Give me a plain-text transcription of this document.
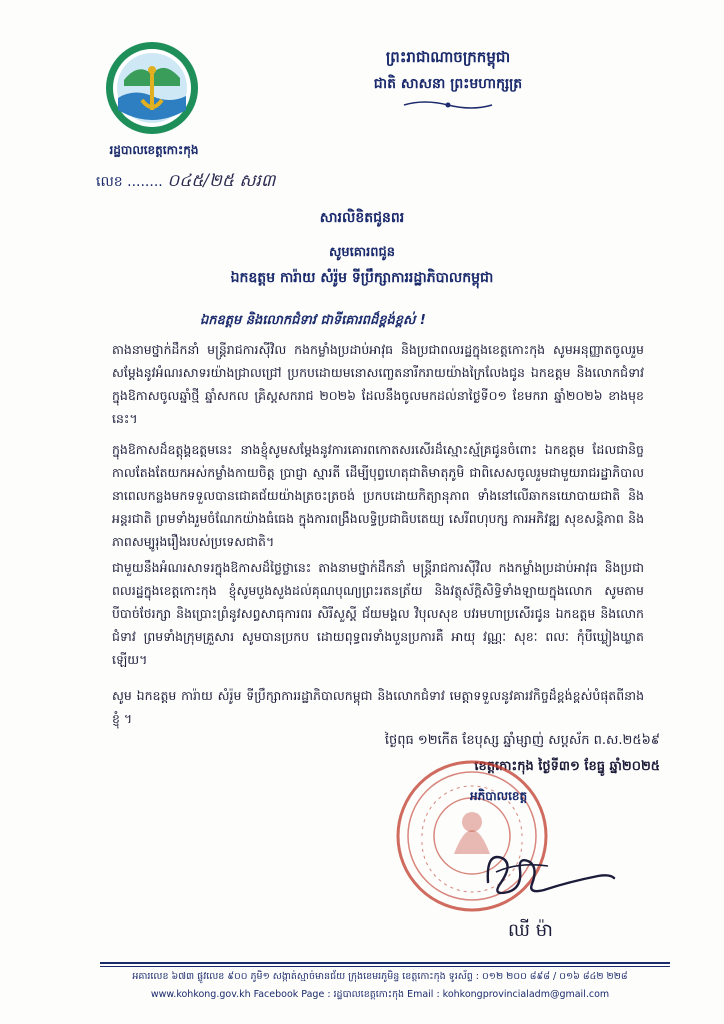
រដ្ឋបាលខេត្តកោះកុង
លេខ ........ ០៤៥/២៥ សរ៣
ព្រះរាជាណាចក្រកម្ពុជា
ជាតិ សាសនា ព្រះមហាក្សត្រ
សារលិខិតជូនពរ
សូមគោរពជូន
ឯកឧត្តម ការ៉ាយ សំរ៉ូម ទីប្រឹក្សាការរដ្ឋាភិបាលកម្ពុជា
ឯកឧត្តម និងលោកជំទាវ ជាទីគោរពដ៏ខ្ពង់ខ្ពស់ !

តាងនាមថ្នាក់ដឹកនាំ មន្ត្រីរាជការស៊ីវិល កងកម្លាំងប្រដាប់អាវុធ និងប្រជាពលរដ្ឋក្នុងខេត្តកោះកុង សូមអនុញ្ញាតចូលរួមសម្តែងនូវអំណរសាទរយ៉ាងជ្រាលជ្រៅ ប្រកបដោយមនោសញ្ចេតនារីករាយយ៉ាងក្រៃលែងជូន ឯកឧត្តម និងលោកជំទាវ ក្នុងឱកាសចូលឆ្នាំថ្មី ឆ្នាំសកល គ្រិស្តសករាជ ២០២៦ ដែលនឹងចូលមកដល់នាថ្ងៃទី០១ ខែមករា ឆ្នាំ២០២៦ ខាងមុខនេះ។

ក្នុងឱកាសដ៏ឧត្តុង្គឧត្តមនេះ នាងខ្ញុំសូមសម្តែងនូវការគោរពកោតសរសើរដ៏ស្មោះស្ម័គ្រជូនចំពោះ ឯកឧត្តម ដែលជានិច្ចកាលតែងតែយកអស់កម្លាំងកាយចិត្ត ប្រាជ្ញា ស្មារតី ដើម្បីបុព្វហេតុជាតិមាតុភូមិ ជាពិសេសចូលរួមជាមួយរាជរដ្ឋាភិបាល នាពេលកន្លងមកទទួលបានជោគជ័យយ៉ាងត្រចះត្រចង់ ប្រកបដោយកិត្យានុភាព ទាំងនៅលើឆាកនយោបាយជាតិ និងអន្តរជាតិ ព្រមទាំងរួមចំណែកយ៉ាងធំធេង ក្នុងការពង្រឹងលទ្ធិប្រជាធិបតេយ្យ សេរីពហុបក្ស ការអភិវឌ្ឍ សុខសន្តិភាព និងភាពសម្បូរុងរឿងរបស់ប្រទេសជាតិ។

ជាមួយនឹងអំណរសាទរក្នុងឱកាសដ៏ថ្លៃថ្លានេះ តាងនាមថ្នាក់ដឹកនាំ មន្ត្រីរាជការស៊ីវិល កងកម្លាំងប្រដាប់អាវុធ និងប្រជាពលរដ្ឋក្នុងខេត្តកោះកុង ខ្ញុំសូមបួងសួងដល់គុណបុណ្យព្រះរតនត្រ័យ និងវត្ថុស័ក្តិសិទ្ធិទាំងឡាយក្នុងលោក សូមតាមបីបាច់ថែរក្សា និងប្រោះព្រំនូវសព្វសាធុការពរ សិរីសួស្តី ជ័យមង្គល វិបុលសុខ បវរមហាប្រសើរជូន ឯកឧត្តម និងលោកជំទាវ ព្រមទាំងក្រុមគ្រួសារ សូមបានប្រកប ដោយពុទ្ធពរទាំងបួនប្រការគឺ អាយុ វណ្ណៈ សុខៈ ពលៈ កុំបីឃ្លៀងឃ្លាតឡើយ។

សូម ឯកឧត្តម ការ៉ាយ សំរ៉ូម ទីប្រឹក្សាការរដ្ឋាភិបាលកម្ពុជា និងលោកជំទាវ មេត្តាទទួលនូវគារវកិច្ចដ៏ខ្ពង់ខ្ពស់បំផុតពីនាងខ្ញុំ ។

ថ្ងៃពុធ ១២កើត ខែបុស្ស ឆ្នាំម្សាញ់ សប្តស័ក ព.ស.២៥៦៩
ខេត្តកោះកុង ថ្ងៃទី៣១ ខែធ្នូ ឆ្នាំ២០២៥
អភិបាលខេត្ត
ឈី ម៉ា
អគារលេខ ៦៧៣ ផ្លូវលេខ ៩០០ ភូមិ១ សង្កាត់ស្មាច់មានជ័យ ក្រុងខេមរភូមិន្ទ ខេត្តកោះកុង ទូរស័ព្ទ : ០១២ ២០០ ៨៩៨ / ០១៦ ៨៤២ ២២៨
www.kohkong.gov.kh Facebook Page : រដ្ឋបាលខេត្តកោះកុង Email : kohkongprovincialadm@gmail.com
